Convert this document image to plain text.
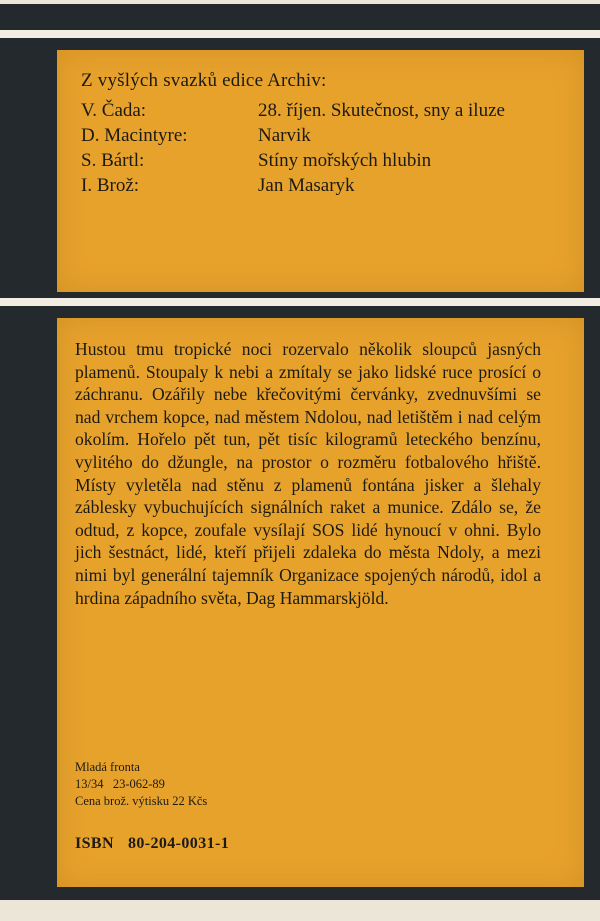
Z vyšlých svazků edice Archiv:
V. Čada:	28. říjen. Skutečnost, sny a iluze
D. Macintyre:	Narvik
S. Bártl:	Stíny mořských hlubin
I. Brož:	Jan Masaryk

Hustou tmu tropické noci rozervalo několik sloupců jasných plamenů. Stoupaly k nebi a zmítaly se jako lidské ruce prosící o záchranu. Ozářily nebe křečovitými červánky, zvednuvšími se nad vrchem kopce, nad městem Ndolou, nad letištěm i nad celým okolím. Hořelo pět tun, pět tisíc kilogramů leteckého benzínu, vylitého do džungle, na prostor o rozměru fotbalového hřiště. Místy vyletěla nad stěnu z plamenů fontána jisker a šlehaly záblesky vybuchujících signálních raket a munice. Zdálo se, že odtud, z kopce, zoufale vysílají SOS lidé hynoucí v ohni. Bylo jich šestnáct, lidé, kteří přijeli zdaleka do města Ndoly, a mezi nimi byl generální tajemník Organizace spojených národů, idol a hrdina západního světa, Dag Hammarskjöld.

Mladá fronta
13/34 23-062-89
Cena brož. výtisku 22 Kčs
ISBN 80-204-0031-1
